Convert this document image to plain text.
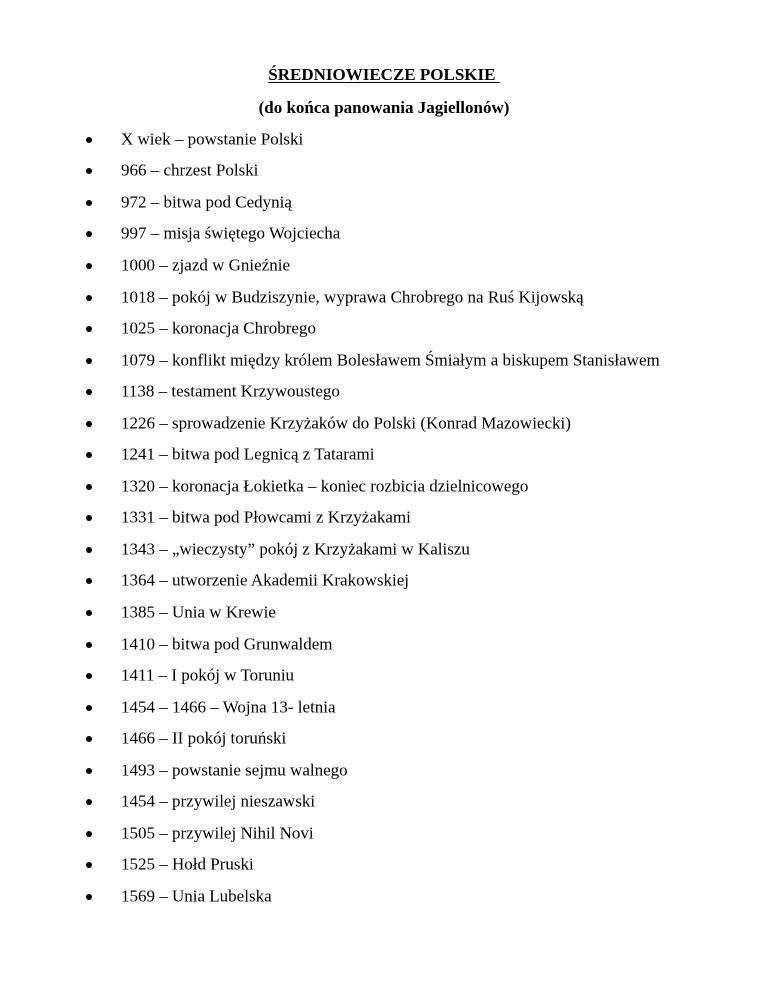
ŚREDNIOWIECZE POLSKIE
(do końca panowania Jagiellonów)
X wiek – powstanie Polski
966 – chrzest Polski
972 – bitwa pod Cedynią
997 – misja świętego Wojciecha
1000 – zjazd w Gnieźnie
1018 – pokój w Budziszynie, wyprawa Chrobrego na Ruś Kijowską
1025 – koronacja Chrobrego
1079 – konflikt między królem Bolesławem Śmiałym a biskupem Stanisławem
1138 – testament Krzywoustego
1226 – sprowadzenie Krzyżaków do Polski (Konrad Mazowiecki)
1241 – bitwa pod Legnicą z Tatarami
1320 – koronacja Łokietka – koniec rozbicia dzielnicowego
1331 – bitwa pod Płowcami z Krzyżakami
1343 – „wieczysty” pokój z Krzyżakami w Kaliszu
1364 – utworzenie Akademii Krakowskiej
1385 – Unia w Krewie
1410 – bitwa pod Grunwaldem
1411 – I pokój w Toruniu
1454 – 1466 – Wojna 13- letnia
1466 – II pokój toruński
1493 – powstanie sejmu walnego
1454 – przywilej nieszawski
1505 – przywilej Nihil Novi
1525 – Hołd Pruski
1569 – Unia Lubelska
